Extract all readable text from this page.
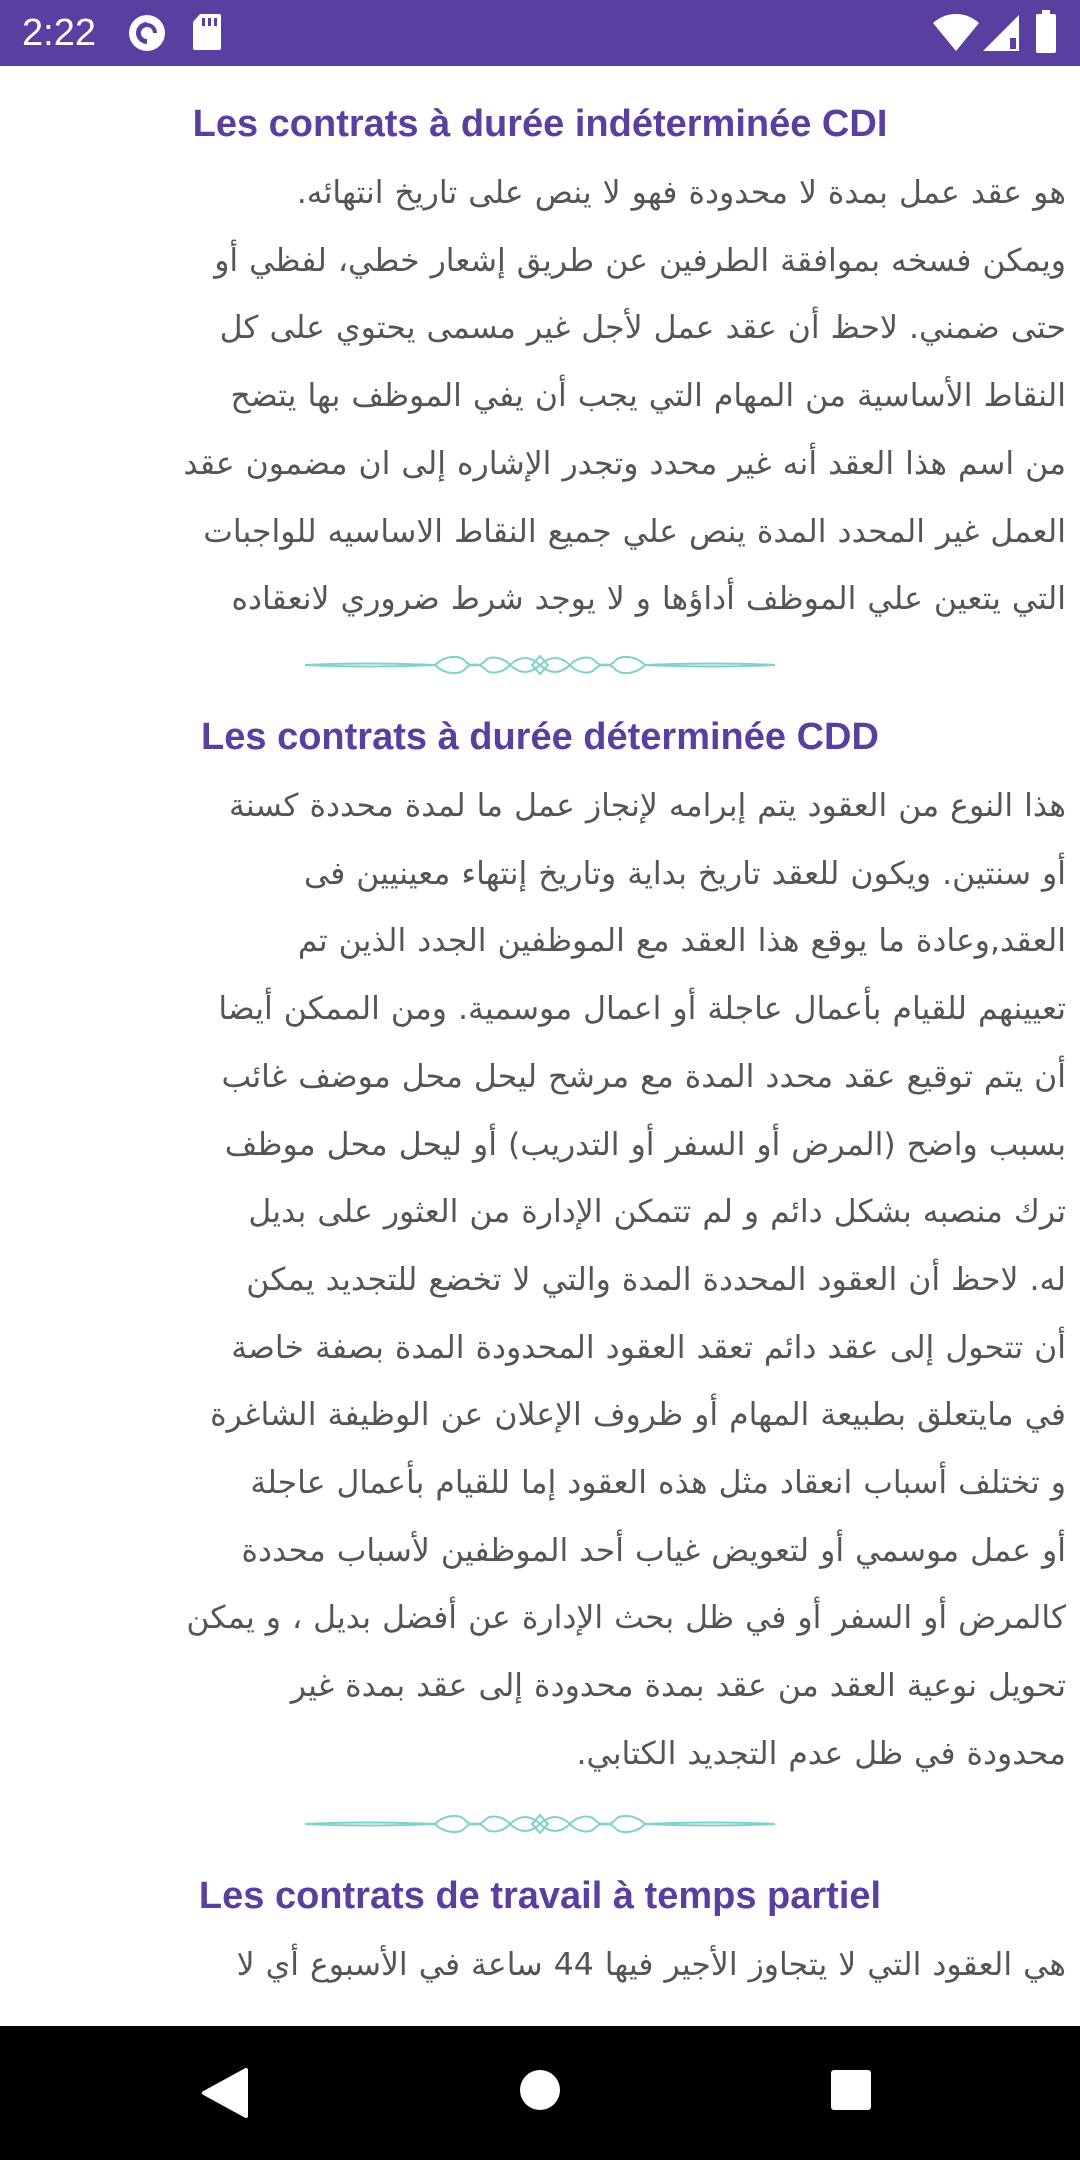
2:22
Les contrats à durée indéterminée CDI

هو عقد عمل بمدة لا محدودة فهو لا ينص على تاريخ انتهائه.
ويمكن فسخه بموافقة الطرفين عن طريق إشعار خطي، لفظي أو
حتى ضمني. لاحظ أن عقد عمل لأجل غير مسمى يحتوي على كل
النقاط الأساسية من المهام التي يجب أن يفي الموظف بها يتضح
من اسم هذا العقد أنه غير محدد وتجدر الإشاره إلى ان مضمون عقد
العمل غير المحدد المدة ينص علي جميع النقاط الاساسيه للواجبات
التي يتعين علي الموظف أداؤها و لا يوجد شرط ضروري لانعقاده

Les contrats à durée déterminée CDD

هذا النوع من العقود يتم إبرامه لإنجاز عمل ما لمدة محددة كسنة
أو سنتين. ويكون للعقد تاريخ بداية وتاريخ إنتهاء معينيين فى
العقد,وعادة ما يوقع هذا العقد مع الموظفين الجدد الذين تم
تعيينهم للقيام بأعمال عاجلة أو اعمال موسمية. ومن الممكن أيضا
أن يتم توقيع عقد محدد المدة مع مرشح ليحل محل موضف غائب
بسبب واضح (المرض أو السفر أو التدريب) أو ليحل محل موظف
ترك منصبه بشكل دائم و لم تتمكن الإدارة من العثور على بديل
له. لاحظ أن العقود المحددة المدة والتي لا تخضع للتجديد يمكن
أن تتحول إلى عقد دائم تعقد العقود المحدودة المدة بصفة خاصة
في مايتعلق بطبيعة المهام أو ظروف الإعلان عن الوظيفة الشاغرة
و تختلف أسباب انعقاد مثل هذه العقود إما للقيام بأعمال عاجلة
أو عمل موسمي أو لتعويض غياب أحد الموظفين لأسباب محددة
كالمرض أو السفر أو في ظل بحث الإدارة عن أفضل بديل ، و يمكن
تحويل نوعية العقد من عقد بمدة محدودة إلى عقد بمدة غير
محدودة في ظل عدم التجديد الكتابي.

Les contrats de travail à temps partiel

هي العقود التي لا يتجاوز الأجير فيها 44 ساعة في الأسبوع أي لا
